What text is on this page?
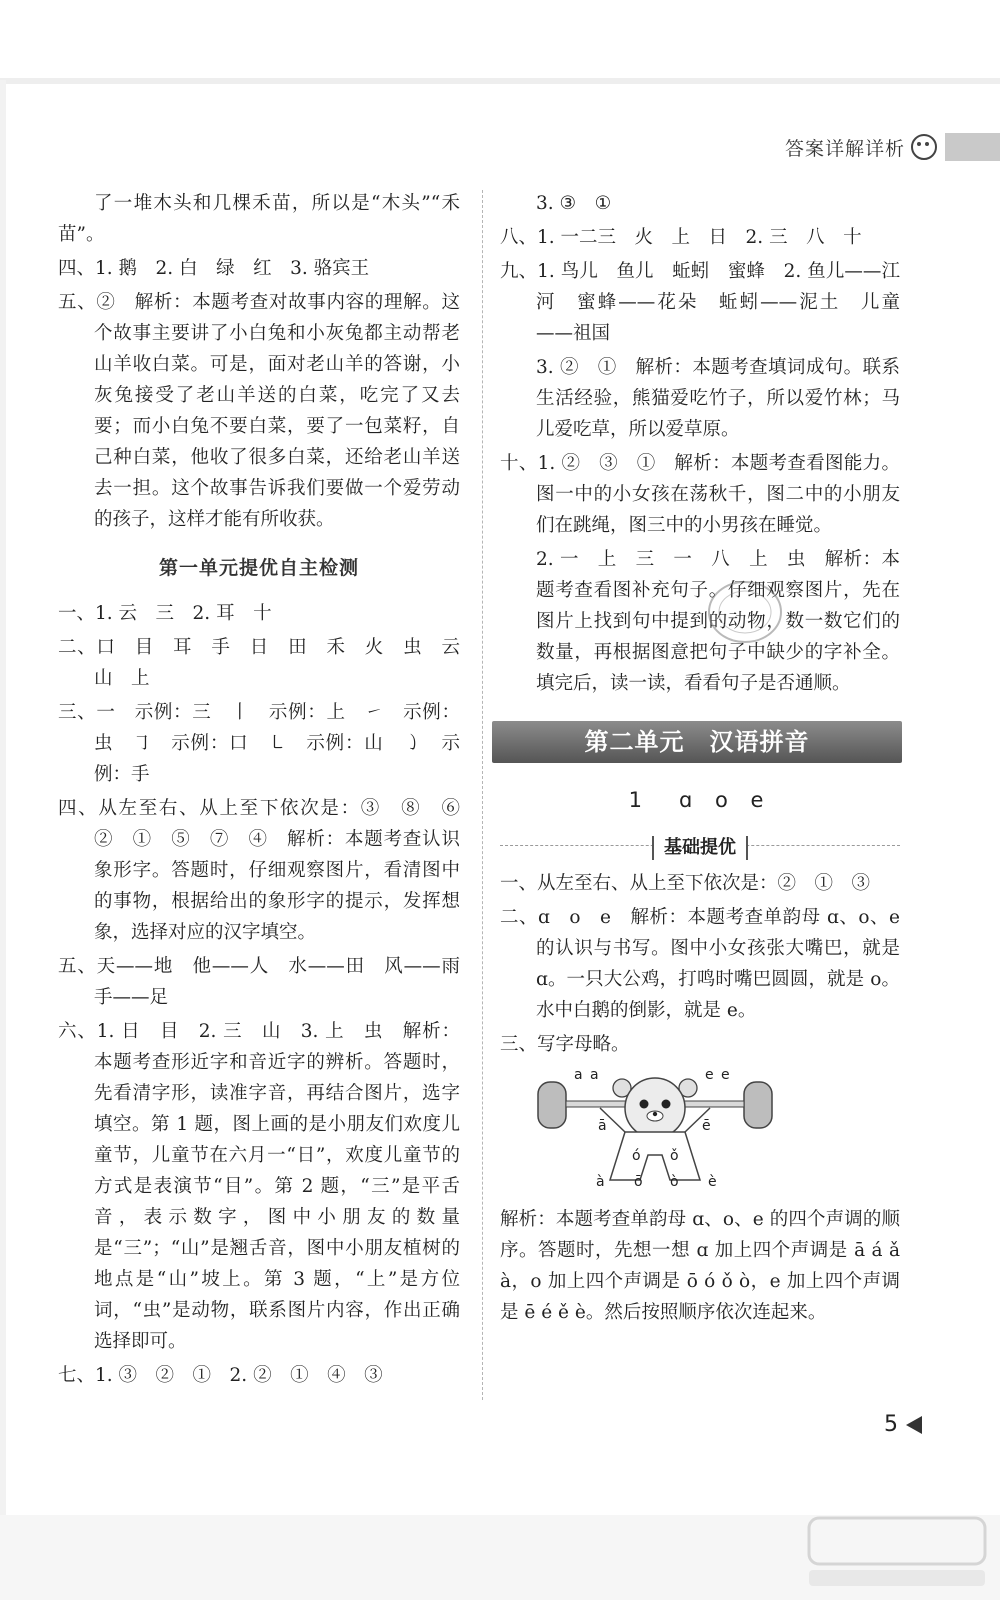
答案详解详析

了一堆木头和几棵禾苗，所以是“木头”“禾苗”。

四、1. 鹅　2. 白　绿　红　3. 骆宾王

五、②　解析：本题考查对故事内容的理解。这个故事主要讲了小白兔和小灰兔都主动帮老山羊收白菜。可是，面对老山羊的答谢，小灰兔接受了老山羊送的白菜，吃完了又去要；而小白兔不要白菜，要了一包菜籽，自己种白菜，他收了很多白菜，还给老山羊送去一担。这个故事告诉我们要做一个爱劳动的孩子，这样才能有所收获。

第一单元提优自主检测

一、1. 云　三　2. 耳　十

二、口　目　耳　手　日　田　禾　火　虫　云　山　上

三、一　示例：三　丨　示例：上　㇀　示例：虫　㇆　示例：口　㇄　示例：山　㇁　示例：手

四、从左至右、从上至下依次是：③　⑧　⑥　②　①　⑤　⑦　④　解析：本题考查认识象形字。答题时，仔细观察图片，看清图中的事物，根据给出的象形字的提示，发挥想象，选择对应的汉字填空。

五、天——地　他——人　水——田　风——雨　手——足

六、1. 日　目　2. 三　山　3. 上　虫　解析：本题考查形近字和音近字的辨析。答题时，先看清字形，读准字音，再结合图片，选字填空。第 1 题，图上画的是小朋友们欢度儿童节，儿童节在六月一“日”，欢度儿童节的方式是表演节“目”。第 2 题，“三”是平舌音，表示数字，图中小朋友的数量是“三”；“山”是翘舌音，图中小朋友植树的地点是“山”坡上。第 3 题，“上”是方位词，“虫”是动物，联系图片内容，作出正确选择即可。

七、1. ③　②　①　2. ②　①　④　③

3. ③　①

八、1. 一二三　火　上　日　2. 三　八　十

九、1. 鸟儿　鱼儿　蚯蚓　蜜蜂　2. 鱼儿——江河　蜜蜂——花朵　蚯蚓——泥土　儿童——祖国

3. ②　①　解析：本题考查填词成句。联系生活经验，熊猫爱吃竹子，所以爱竹林；马儿爱吃草，所以爱草原。

十、1. ②　③　①　解析：本题考查看图能力。图一中的小女孩在荡秋千，图二中的小朋友们在跳绳，图三中的小男孩在睡觉。

2. 一　上　三　一　八　上　虫　解析：本题考查看图补充句子。仔细观察图片，先在图片上找到句中提到的动物，数一数它们的数量，再根据图意把句子中缺少的字补全。填完后，读一读，看看句子是否通顺。

第二单元　汉语拼音
1　ɑ o e
基础提优

一、从左至右、从上至下依次是：②　①　③

二、ɑ　o　e　解析：本题考查单韵母 ɑ、o、e 的认识与书写。图中小女孩张大嘴巴，就是 ɑ。一只大公鸡，打鸣时嘴巴圆圆，就是 o。水中白鹅的倒影，就是 e。

三、写字母略。

ǎ á	é ě
ā	ē
ó ǒ
à ō ò è

解析：本题考查单韵母 ɑ、o、e 的四个声调的顺序。答题时，先想一想 ɑ 加上四个声调是 ā á ǎ à，o 加上四个声调是 ō ó ǒ ò，e 加上四个声调是 ē é ě è。然后按照顺序依次连起来。

5
